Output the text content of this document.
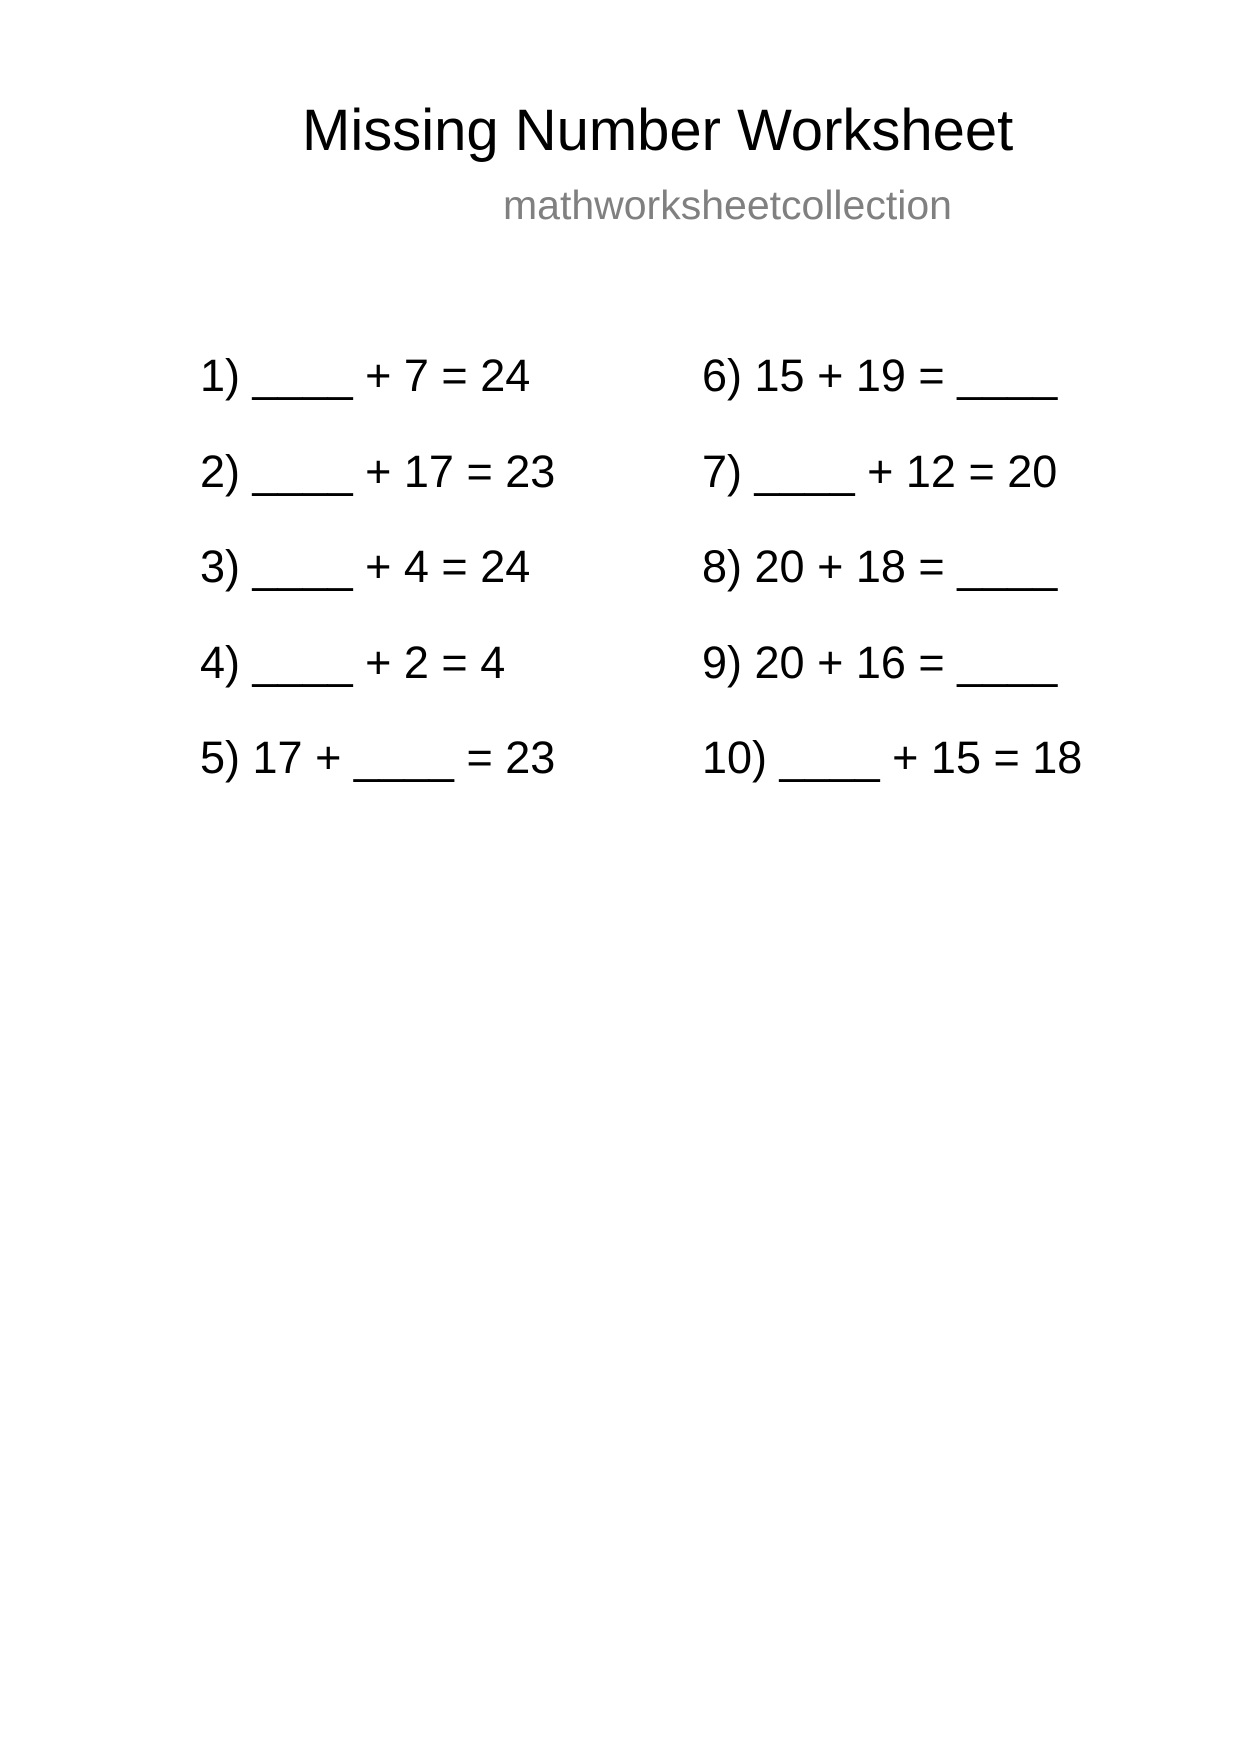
Missing Number Worksheet
mathworksheetcollection
1) ____ + 7 = 24
2) ____ + 17 = 23
3) ____ + 4 = 24
4) ____ + 2 = 4
5) 17 + ____ = 23
6) 15 + 19 = ____
7) ____ + 12 = 20
8) 20 + 18 = ____
9) 20 + 16 = ____
10) ____ + 15 = 18
